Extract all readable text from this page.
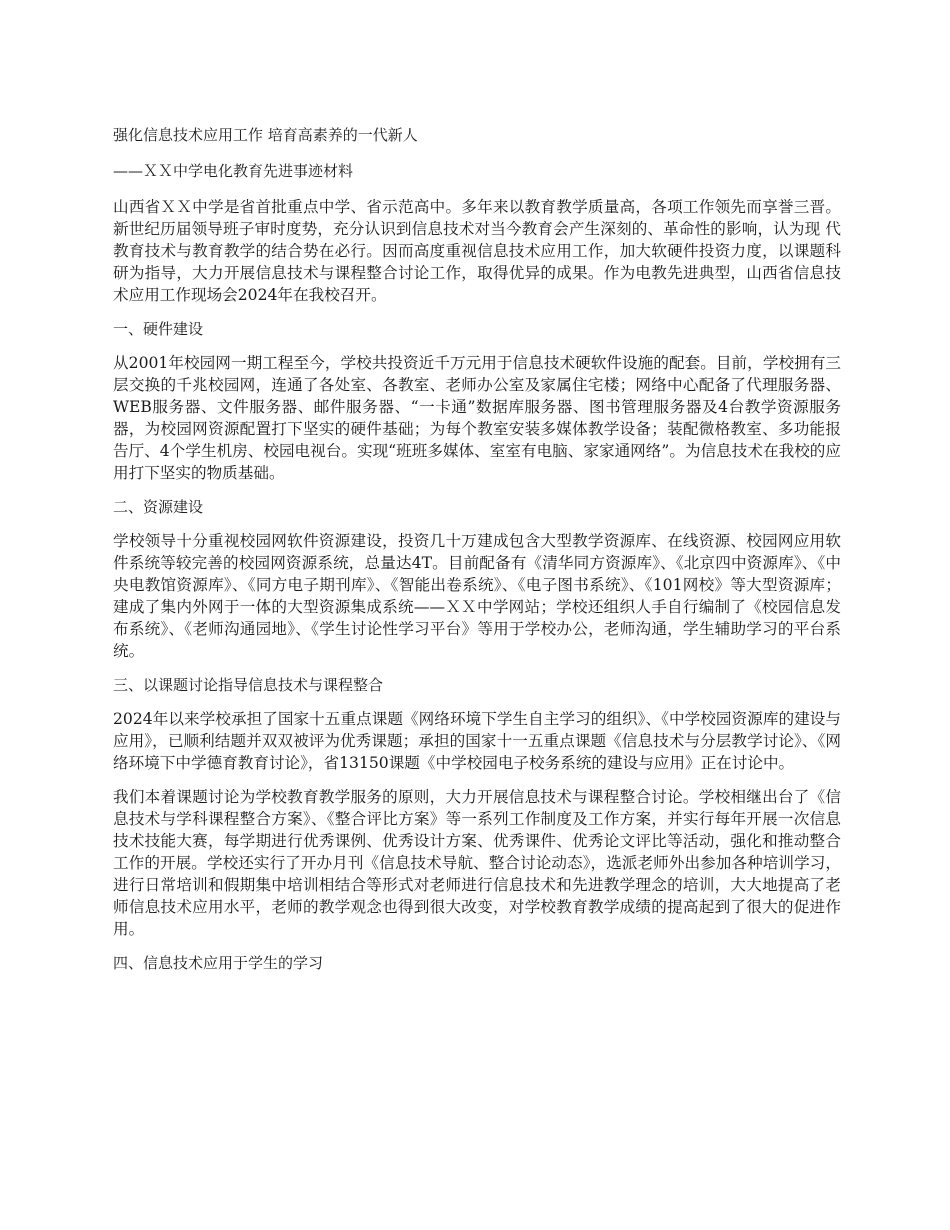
强化信息技术应用工作 培育高素养的一代新人

——ＸＸ中学电化教育先进事迹材料

山西省ＸＸ中学是省首批重点中学、省示范高中。多年来以教育教学质量高，各项工作领先而享誉三晋。新世纪历届领导班子审时度势，充分认识到信息技术对当今教育会产生深刻的、革命性的影响，认为现 代教育技术与教育教学的结合势在必行。因而高度重视信息技术应用工作，加大软硬件投资力度，以课题科研为指导，大力开展信息技术与课程整合讨论工作，取得优异的成果。作为电教先进典型，山西省信息技术应用工作现场会2024年在我校召开。

一、硬件建设

从2001年校园网一期工程至今，学校共投资近千万元用于信息技术硬软件设施的配套。目前，学校拥有三层交换的千兆校园网，连通了各处室、各教室、老师办公室及家属住宅楼；网络中心配备了代理服务器、WEB服务器、文件服务器、邮件服务器、“一卡通”数据库服务器、图书管理服务器及4台教学资源服务器，为校园网资源配置打下坚实的硬件基础；为每个教室安装多媒体教学设备；装配微格教室、多功能报告厅、4个学生机房、校园电视台。实现“班班多媒体、室室有电脑、家家通网络”。为信息技术在我校的应用打下坚实的物质基础。

二、资源建设

学校领导十分重视校园网软件资源建设，投资几十万建成包含大型教学资源库、在线资源、校园网应用软件系统等较完善的校园网资源系统，总量达4T。目前配备有《清华同方资源库》、《北京四中资源库》、《中央电教馆资源库》、《同方电子期刊库》、《智能出卷系统》、《电子图书系统》、《101网校》等大型资源库；建成了集内外网于一体的大型资源集成系统——ＸＸ中学网站；学校还组织人手自行编制了《校园信息发布系统》、《老师沟通园地》、《学生讨论性学习平台》等用于学校办公，老师沟通，学生辅助学习的平台系统。

三、以课题讨论指导信息技术与课程整合

2024年以来学校承担了国家十五重点课题《网络环境下学生自主学习的组织》、《中学校园资源库的建设与应用》，已顺利结题并双双被评为优秀课题；承担的国家十一五重点课题《信息技术与分层教学讨论》、《网络环境下中学德育教育讨论》，省13150课题《中学校园电子校务系统的建设与应用》正在讨论中。

我们本着课题讨论为学校教育教学服务的原则，大力开展信息技术与课程整合讨论。学校相继出台了《信息技术与学科课程整合方案》、《整合评比方案》等一系列工作制度及工作方案，并实行每年开展一次信息技术技能大赛，每学期进行优秀课例、优秀设计方案、优秀课件、优秀论文评比等活动，强化和推动整合工作的开展。学校还实行了开办月刊《信息技术导航、整合讨论动态》，选派老师外出参加各种培训学习，进行日常培训和假期集中培训相结合等形式对老师进行信息技术和先进教学理念的培训，大大地提高了老师信息技术应用水平，老师的教学观念也得到很大改变，对学校教育教学成绩的提高起到了很大的促进作用。

四、信息技术应用于学生的学习
